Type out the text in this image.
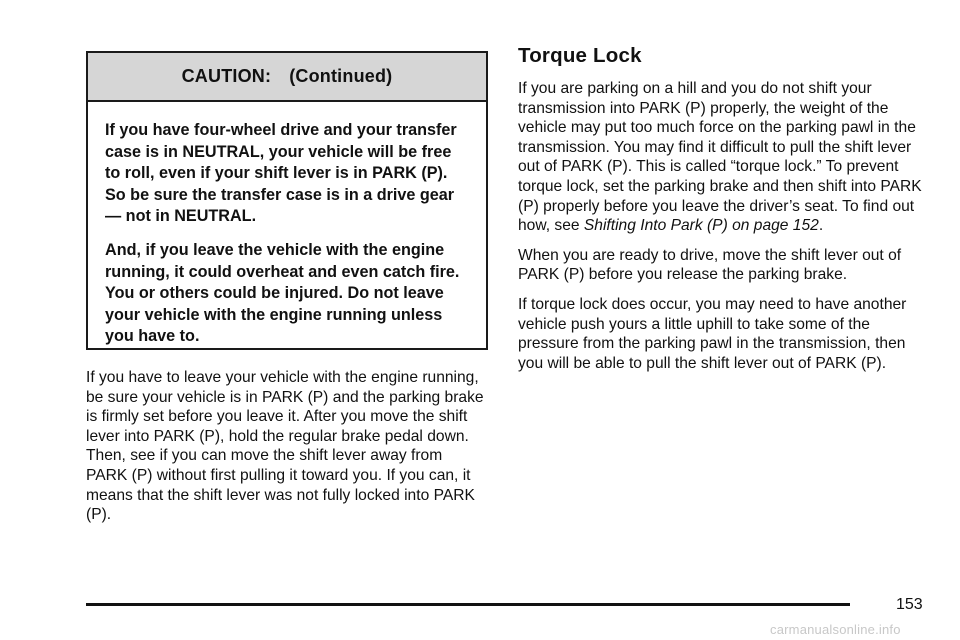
CAUTION: (Continued)

If you have four-wheel drive and your transfer case is in NEUTRAL, your vehicle will be free to roll, even if your shift lever is in PARK (P). So be sure the transfer case is in a drive gear — not in NEUTRAL.

And, if you leave the vehicle with the engine running, it could overheat and even catch fire. You or others could be injured. Do not leave your vehicle with the engine running unless you have to.

If you have to leave your vehicle with the engine running, be sure your vehicle is in PARK (P) and the parking brake is firmly set before you leave it. After you move the shift lever into PARK (P), hold the regular brake pedal down. Then, see if you can move the shift lever away from PARK (P) without first pulling it toward you. If you can, it means that the shift lever was not fully locked into PARK (P).

Torque Lock

If you are parking on a hill and you do not shift your transmission into PARK (P) properly, the weight of the vehicle may put too much force on the parking pawl in the transmission. You may find it difficult to pull the shift lever out of PARK (P). This is called “torque lock.” To prevent torque lock, set the parking brake and then shift into PARK (P) properly before you leave the driver’s seat. To find out how, see Shifting Into Park (P) on page 152.

When you are ready to drive, move the shift lever out of PARK (P) before you release the parking brake.

If torque lock does occur, you may need to have another vehicle push yours a little uphill to take some of the pressure from the parking pawl in the transmission, then you will be able to pull the shift lever out of PARK (P).

153
carmanualsonline.info
